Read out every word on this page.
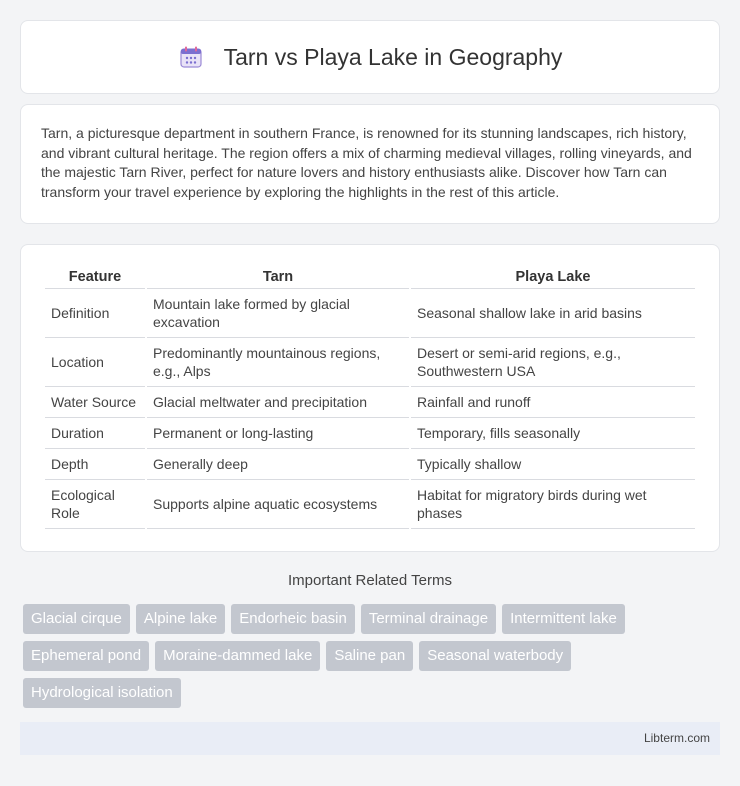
Tarn vs Playa Lake in Geography

Tarn, a picturesque department in southern France, is renowned for its stunning landscapes, rich history, and vibrant cultural heritage. The region offers a mix of charming medieval villages, rolling vineyards, and the majestic Tarn River, perfect for nature lovers and history enthusiasts alike. Discover how Tarn can transform your travel experience by exploring the highlights in the rest of this article.

Feature	Tarn	Playa Lake
Definition	Mountain lake formed by glacial excavation	Seasonal shallow lake in arid basins
Location	Predominantly mountainous regions, e.g., Alps	Desert or semi-arid regions, e.g., Southwestern USA
Water Source	Glacial meltwater and precipitation	Rainfall and runoff
Duration	Permanent or long-lasting	Temporary, fills seasonally
Depth	Generally deep	Typically shallow
Ecological Role	Supports alpine aquatic ecosystems	Habitat for migratory birds during wet phases
Important Related Terms
Glacial cirque	Alpine lake	Endorheic basin	Terminal drainage	Intermittent lake
Ephemeral pond	Moraine-dammed lake	Saline pan	Seasonal waterbody
Hydrological isolation
Libterm.com
